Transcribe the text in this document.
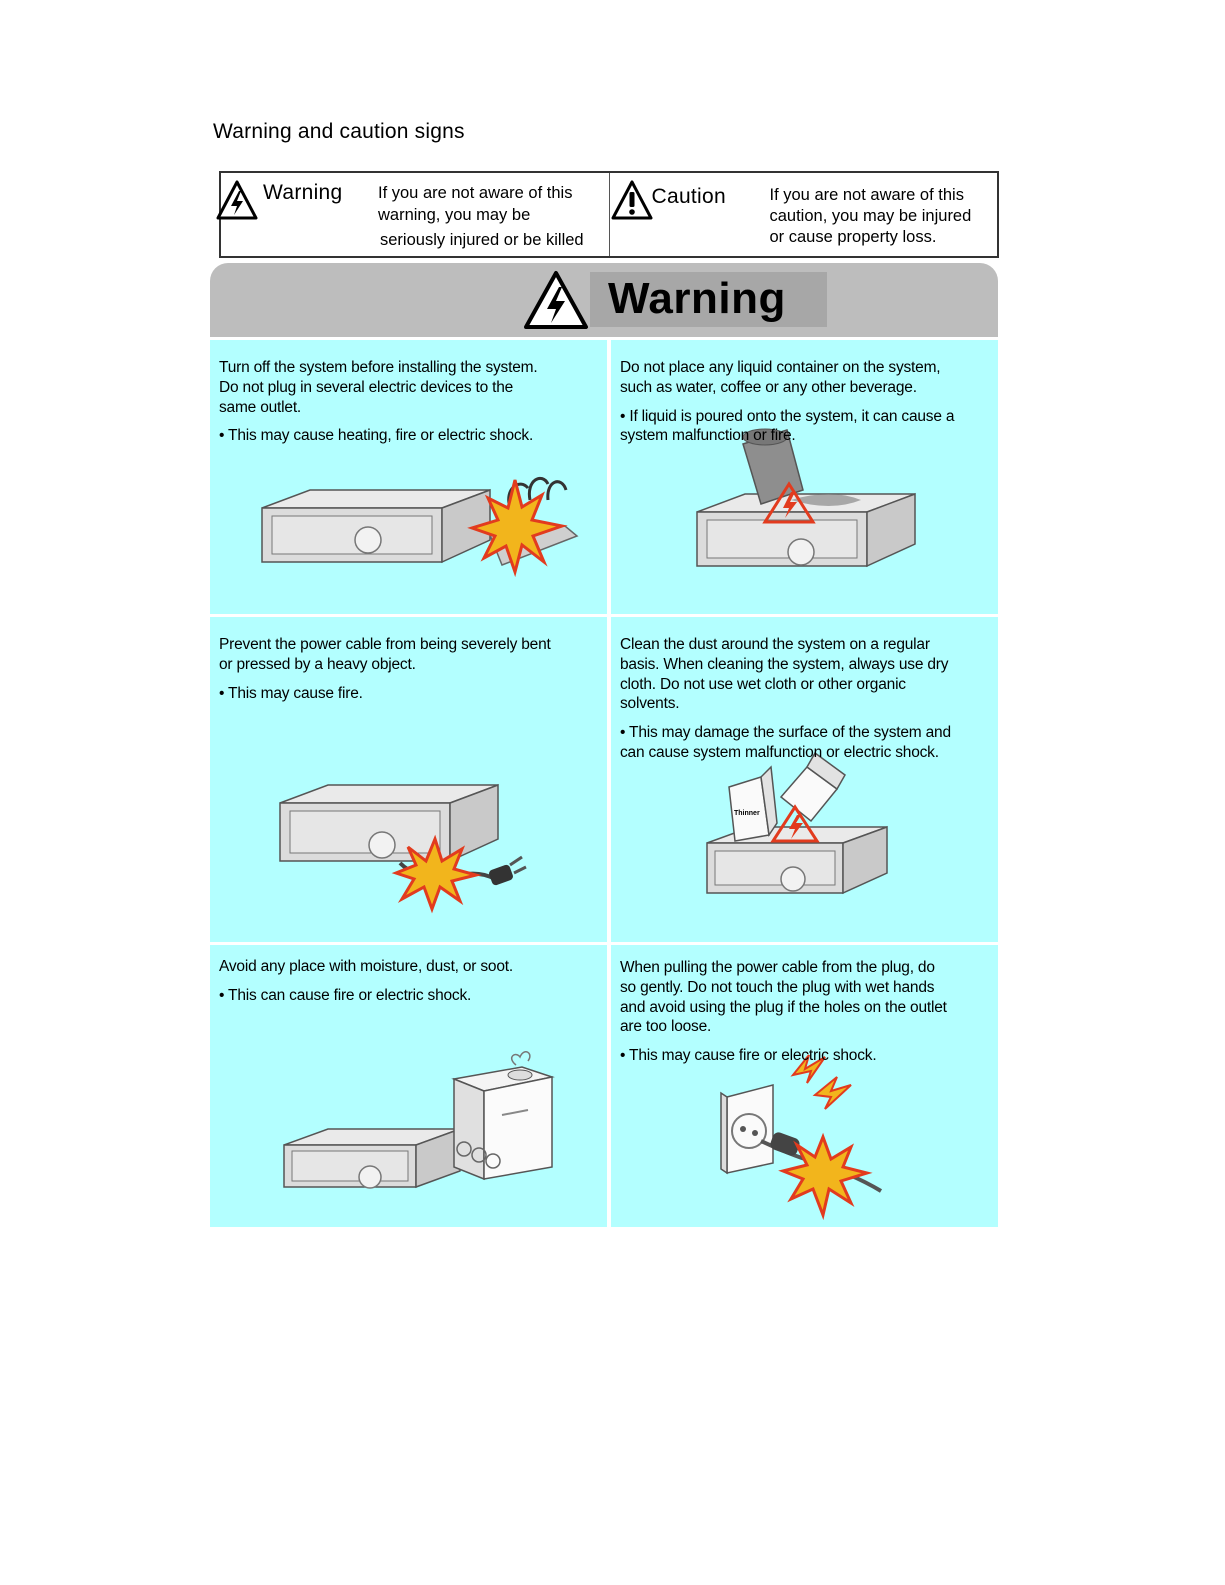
Warning and caution signs
Warning If you are not aware of this
warning, you may be
seriously injured or be killed
Caution	If you are not aware of this
caution, you may be injured
or cause property loss.
Warning

Turn off the system before installing the system.

Do not plug in several electric devices to the

same outlet.

• This may cause heating, fire or electric shock.

Do not place any liquid container on the system,

such as water, coffee or any other beverage.

• If liquid is poured onto the system, it can cause a

system malfunction or fire.

Prevent the power cable from being severely bent

or pressed by a heavy object.

• This may cause fire.

Thinner

Clean the dust around the system on a regular

basis. When cleaning the system, always use dry

cloth. Do not use wet cloth or other organic

solvents.

• This may damage the surface of the system and

can cause system malfunction or electric shock.

Avoid any place with moisture, dust, or soot.

• This can cause fire or electric shock.

When pulling the power cable from the plug, do

so gently. Do not touch the plug with wet hands

and avoid using the plug if the holes on the outlet

are too loose.

• This may cause fire or electric shock.
